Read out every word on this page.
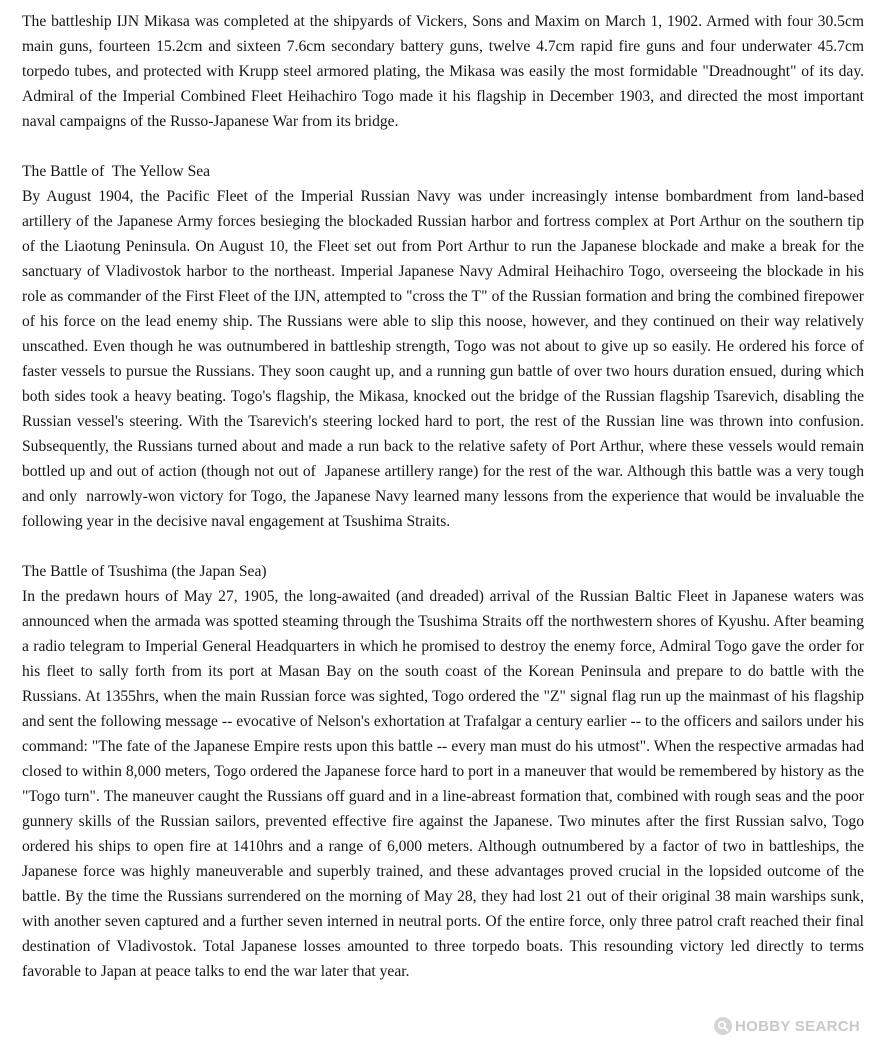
The battleship IJN Mikasa was completed at the shipyards of Vickers, Sons and Maxim on March 1, 1902. Armed with four 30.5cm main guns, fourteen 15.2cm and sixteen 7.6cm secondary battery guns, twelve 4.7cm rapid fire guns and four underwater 45.7cm torpedo tubes, and protected with Krupp steel armored plating, the Mikasa was easily the most formidable "Dreadnought" of its day. Admiral of the Imperial Combined Fleet Heihachiro Togo made it his flagship in December 1903, and directed the most important naval campaigns of the Russo-Japanese War from its bridge.

The Battle of  The Yellow Sea

By August 1904, the Pacific Fleet of the Imperial Russian Navy was under increasingly intense bombardment from land-based artillery of the Japanese Army forces besieging the blockaded Russian harbor and fortress complex at Port Arthur on the southern tip of the Liaotung Peninsula. On August 10, the Fleet set out from Port Arthur to run the Japanese blockade and make a break for the sanctuary of Vladivostok harbor to the northeast. Imperial Japanese Navy Admiral Heihachiro Togo, overseeing the blockade in his role as commander of the First Fleet of the IJN, attempted to "cross the T" of the Russian formation and bring the combined firepower of his force on the lead enemy ship. The Russians were able to slip this noose, however, and they continued on their way relatively unscathed. Even though he was outnumbered in battleship strength, Togo was not about to give up so easily. He ordered his force of faster vessels to pursue the Russians. They soon caught up, and a running gun battle of over two hours duration ensued, during which both sides took a heavy beating. Togo's flagship, the Mikasa, knocked out the bridge of the Russian flagship Tsarevich, disabling the Russian vessel's steering. With the Tsarevich's steering locked hard to port, the rest of the Russian line was thrown into confusion. Subsequently, the Russians turned about and made a run back to the relative safety of Port Arthur, where these vessels would remain bottled up and out of action (though not out of  Japanese artillery range) for the rest of the war. Although this battle was a very tough and only  narrowly-won victory for Togo, the Japanese Navy learned many lessons from the experience that would be invaluable the following year in the decisive naval engagement at Tsushima Straits.

The Battle of Tsushima (the Japan Sea)

In the predawn hours of May 27, 1905, the long-awaited (and dreaded) arrival of the Russian Baltic Fleet in Japanese waters was announced when the armada was spotted steaming through the Tsushima Straits off the northwestern shores of Kyushu. After beaming a radio telegram to Imperial General Headquarters in which he promised to destroy the enemy force, Admiral Togo gave the order for his fleet to sally forth from its port at Masan Bay on the south coast of the Korean Peninsula and prepare to do battle with the Russians. At 1355hrs, when the main Russian force was sighted, Togo ordered the "Z" signal flag run up the mainmast of his flagship and sent the following message -- evocative of Nelson's exhortation at Trafalgar a century earlier -- to the officers and sailors under his command: "The fate of the Japanese Empire rests upon this battle -- every man must do his utmost". When the respective armadas had closed to within 8,000 meters, Togo ordered the Japanese force hard to port in a maneuver that would be remembered by history as the "Togo turn". The maneuver caught the Russians off guard and in a line-abreast formation that, combined with rough seas and the poor gunnery skills of the Russian sailors, prevented effective fire against the Japanese. Two minutes after the first Russian salvo, Togo ordered his ships to open fire at 1410hrs and a range of 6,000 meters. Although outnumbered by a factor of two in battleships, the Japanese force was highly maneuverable and superbly trained, and these advantages proved crucial in the lopsided outcome of the battle. By the time the Russians surrendered on the morning of May 28, they had lost 21 out of their original 38 main warships sunk, with another seven captured and a further seven interned in neutral ports. Of the entire force, only three patrol craft reached their final destination of Vladivostok. Total Japanese losses amounted to three torpedo boats. This resounding victory led directly to terms favorable to Japan at peace talks to end the war later that year.

HOBBY SEARCH
